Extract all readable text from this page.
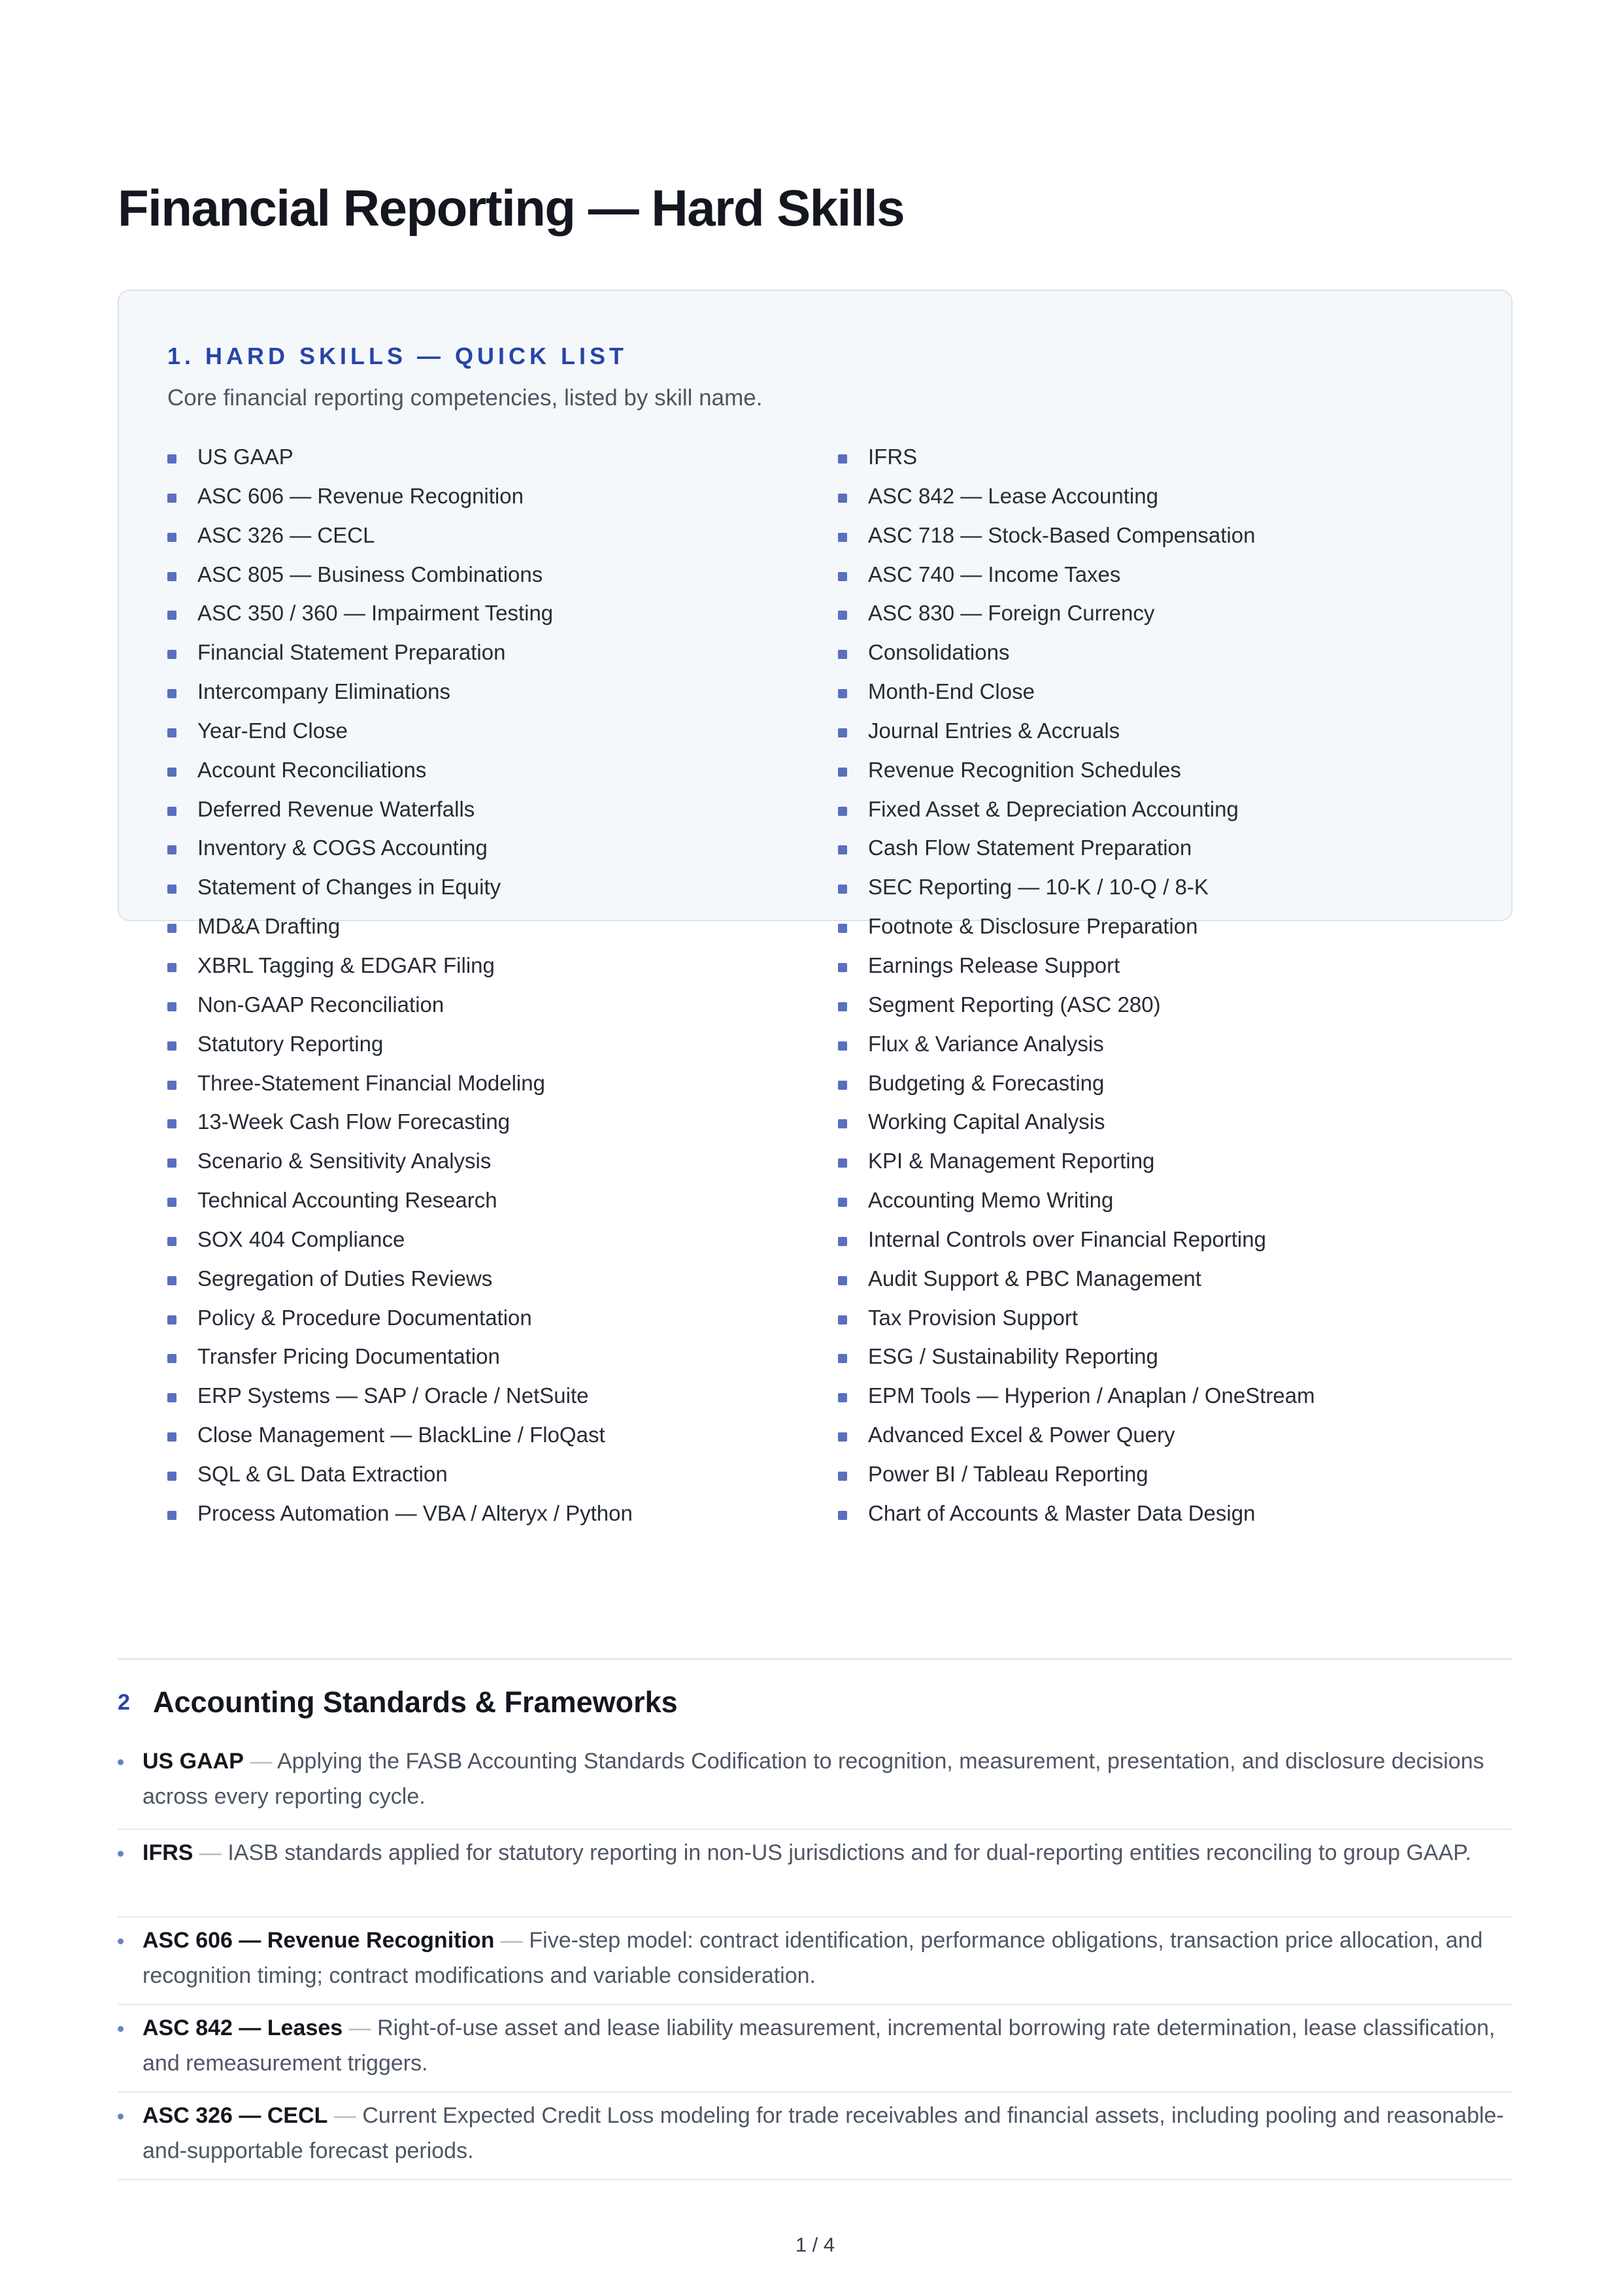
Financial Reporting — Hard Skills
1. HARD SKILLS — QUICK LIST

Core financial reporting competencies, listed by skill name.

US GAAP
ASC 606 — Revenue Recognition
ASC 326 — CECL
ASC 805 — Business Combinations
ASC 350 / 360 — Impairment Testing
Financial Statement Preparation
Intercompany Eliminations
Year-End Close
Account Reconciliations
Deferred Revenue Waterfalls
Inventory & COGS Accounting
Statement of Changes in Equity
MD&A Drafting
XBRL Tagging & EDGAR Filing
Non-GAAP Reconciliation
Statutory Reporting
Three-Statement Financial Modeling
13-Week Cash Flow Forecasting
Scenario & Sensitivity Analysis
Technical Accounting Research
SOX 404 Compliance
Segregation of Duties Reviews
Policy & Procedure Documentation
Transfer Pricing Documentation
ERP Systems — SAP / Oracle / NetSuite
Close Management — BlackLine / FloQast
SQL & GL Data Extraction
Process Automation — VBA / Alteryx / Python
IFRS
ASC 842 — Lease Accounting
ASC 718 — Stock-Based Compensation
ASC 740 — Income Taxes
ASC 830 — Foreign Currency
Consolidations
Month-End Close
Journal Entries & Accruals
Revenue Recognition Schedules
Fixed Asset & Depreciation Accounting
Cash Flow Statement Preparation
SEC Reporting — 10-K / 10-Q / 8-K
Footnote & Disclosure Preparation
Earnings Release Support
Segment Reporting (ASC 280)
Flux & Variance Analysis
Budgeting & Forecasting
Working Capital Analysis
KPI & Management Reporting
Accounting Memo Writing
Internal Controls over Financial Reporting
Audit Support & PBC Management
Tax Provision Support
ESG / Sustainability Reporting
EPM Tools — Hyperion / Anaplan / OneStream
Advanced Excel & Power Query
Power BI / Tableau Reporting
Chart of Accounts & Master Data Design
2 Accounting Standards & Frameworks
US GAAP — Applying the FASB Accounting Standards Codification to recognition, measurement, presentation, and disclosure decisions across every reporting cycle.
IFRS — IASB standards applied for statutory reporting in non-US jurisdictions and for dual-reporting entities reconciling to group GAAP.
ASC 606 — Revenue Recognition — Five-step model: contract identification, performance obligations, transaction price allocation, and recognition timing; contract modifications and variable consideration.
ASC 842 — Leases — Right-of-use asset and lease liability measurement, incremental borrowing rate determination, lease classification, and remeasurement triggers.
ASC 326 — CECL — Current Expected Credit Loss modeling for trade receivables and financial assets, including pooling and reasonable-and-supportable forecast periods.
1 / 4
